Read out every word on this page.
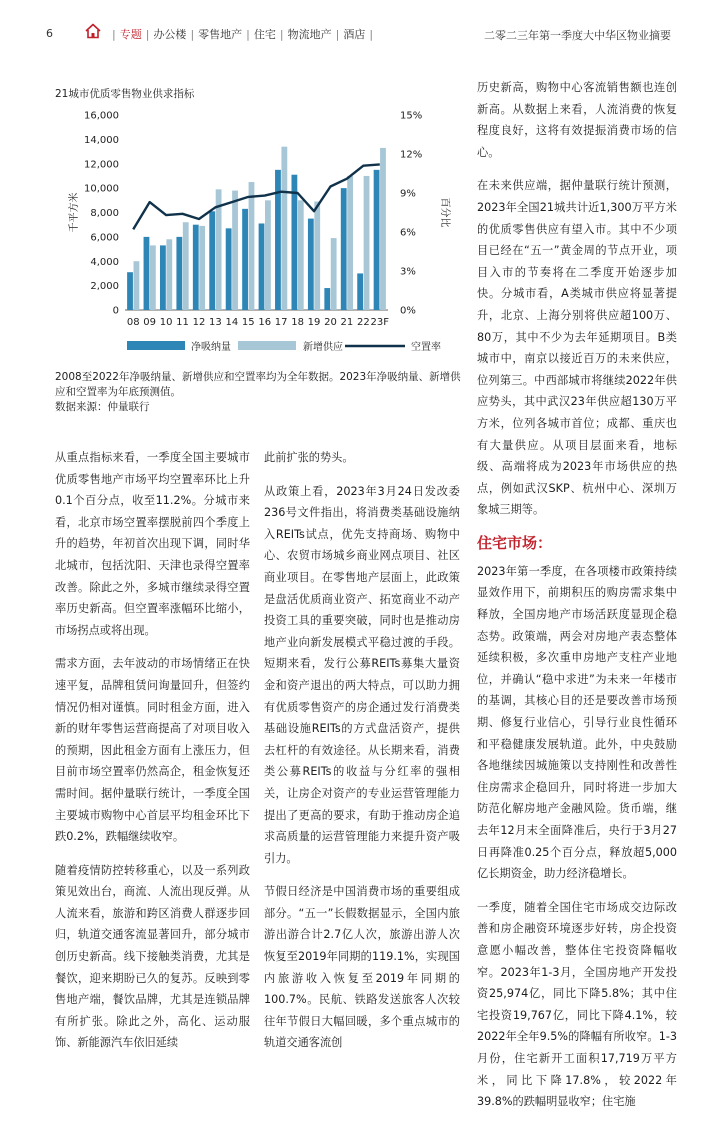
6	| 专题 | 办公楼 | 零售地产 | 住宅 | 物流地产 | 酒店 |	二零二三年第一季度大中华区物业摘要
21城市优质零售物业供求指标
0
2,000
4,000
6,000
8,000
10,000
12,000
14,000
16,000
0%
3%
6%
9%
12%
15%
千平方米	百分比
08 09 10 11 12 13 14 15 16 17 18 19 20 21 22 23F
净吸纳量	新增供应	空置率
2008至2022年净吸纳量、新增供应和空置率均为全年数据。2023年净吸纳量、新增供应和空置率为年底预测值。
数据来源：仲量联行

从重点指标来看，一季度全国主要城市优质零售地产市场平均空置率环比上升0.1个百分点，收至11.2%。分城市来看，北京市场空置率摆脱前四个季度上升的趋势，年初首次出现下调，同时华北城市，包括沈阳、天津也录得空置率改善。除此之外，多城市继续录得空置率历史新高。但空置率涨幅环比缩小，市场拐点或将出现。

需求方面，去年波动的市场情绪正在快速平复，品牌租赁问询量回升，但签约情况仍相对谨慎。同时租金方面，进入新的财年零售运营商提高了对项目收入的预期，因此租金方面有上涨压力，但目前市场空置率仍然高企，租金恢复还需时间。据仲量联行统计，一季度全国主要城市购物中心首层平均租金环比下跌0.2%，跌幅继续收窄。

随着疫情防控转移重心，以及一系列政策见效出台，商流、人流出现反弹。从人流来看，旅游和跨区消费人群逐步回归，轨道交通客流显著回升，部分城市创历史新高。线下接触类消费，尤其是餐饮，迎来期盼已久的复苏。反映到零售地产端，餐饮品牌，尤其是连锁品牌有所扩张。除此之外，高化、运动服饰、新能源汽车依旧延续

此前扩张的势头。

从政策上看，2023年3月24日发改委236号文件指出，将消费类基础设施纳入REITs试点，优先支持商场、购物中心、农贸市场城乡商业网点项目、社区商业项目。在零售地产层面上，此政策是盘活优质商业资产、拓宽商业不动产投资工具的重要突破，同时也是推动房地产业向新发展模式平稳过渡的手段。短期来看，发行公募REITs募集大量资金和资产退出的两大特点，可以助力拥有优质零售资产的房企通过发行消费类基础设施REITs的方式盘活资产，提供去杠杆的有效途径。从长期来看，消费类公募REITs的收益与分红率的强相关，让房企对资产的专业运营管理能力提出了更高的要求，有助于推动房企追求高质量的运营管理能力来提升资产吸引力。

节假日经济是中国消费市场的重要组成部分。“五一”长假数据显示，全国内旅游出游合计2.7亿人次，旅游出游人次恢复至2019年同期的119.1%，实现国内旅游收入恢复至2019年同期的100.7%。民航、铁路发送旅客人次较往年节假日大幅回暖，多个重点城市的轨道交通客流创

历史新高，购物中心客流销售额也连创新高。从数据上来看，人流消费的恢复程度良好，这将有效提振消费市场的信心。

在未来供应端，据仲量联行统计预测，2023年全国21城共计近1,300万平方米的优质零售供应有望入市。其中不少项目已经在“五一”黄金周的节点开业，项目入市的节奏将在二季度开始逐步加快。分城市看，A类城市供应将显著提升，北京、上海分别将供应超100万、80万，其中不少为去年延期项目。B类城市中，南京以接近百万的未来供应，位列第三。中西部城市将继续2022年供应势头，其中武汉23年供应超130万平方米，位列各城市首位；成都、重庆也有大量供应。从项目层面来看，地标级、高端将成为2023年市场供应的热点，例如武汉SKP、杭州中心、深圳万象城三期等。

住宅市场：

2023年第一季度，在各项楼市政策持续显效作用下，前期积压的购房需求集中释放，全国房地产市场活跃度显现企稳态势。政策端，两会对房地产表态整体延续积极，多次重申房地产支柱产业地位，并确认“稳中求进”为未来一年楼市的基调，其核心目的还是要改善市场预期、修复行业信心，引导行业良性循环和平稳健康发展轨道。此外，中央鼓励各地继续因城施策以支持刚性和改善性住房需求企稳回升，同时将进一步加大防范化解房地产金融风险。货币端，继去年12月末全面降准后，央行于3月27日再降准0.25个百分点，释放超5,000亿长期资金，助力经济稳增长。

一季度，随着全国住宅市场成交边际改善和房企融资环境逐步好转，房企投资意愿小幅改善，整体住宅投资降幅收窄。2023年1-3月，全国房地产开发投资25,974亿，同比下降5.8%；其中住宅投资19,767亿，同比下降4.1%，较2022年全年9.5%的降幅有所收窄。1-3月份，住宅新开工面积17,719万平方米，同比下降17.8%，较2022年39.8%的跌幅明显收窄；住宅施
